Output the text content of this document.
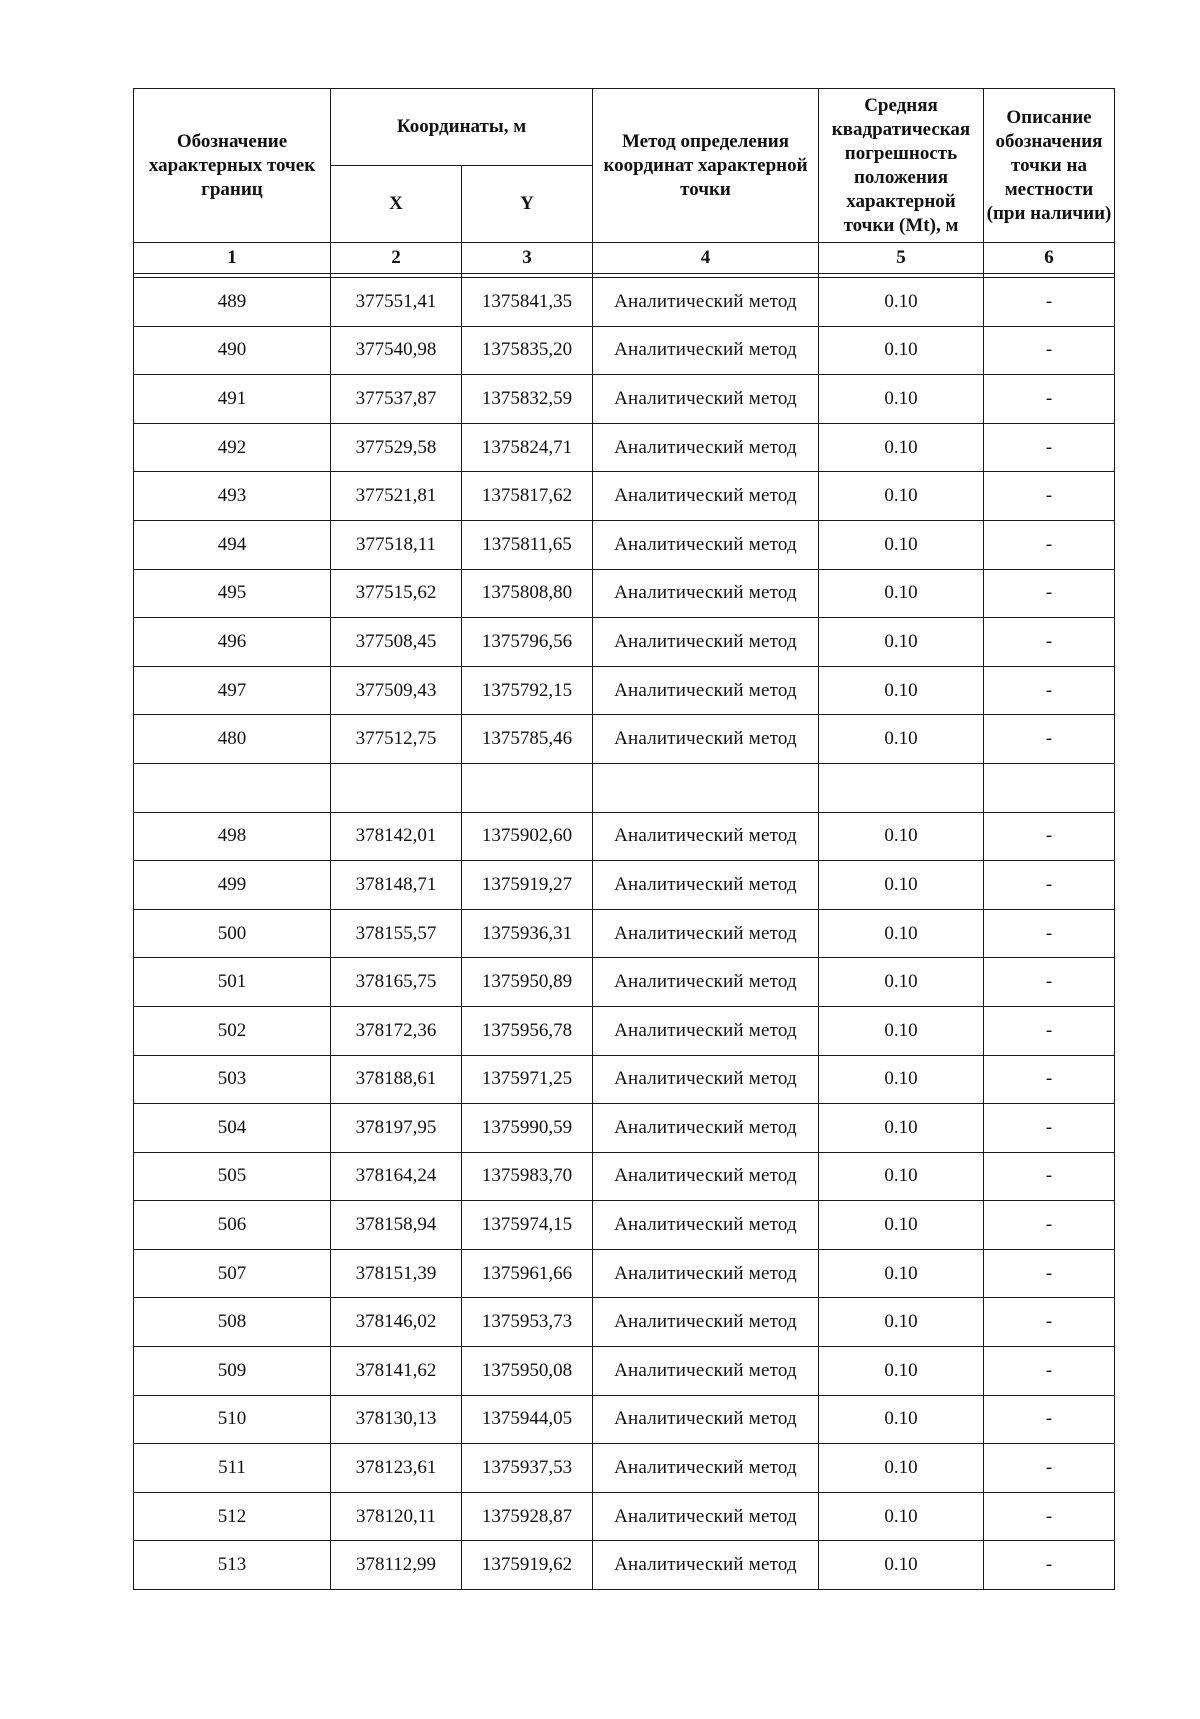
Обозначение характерных точек границ	Координаты, м		Метод определения координат характерной точки	Средняя квадратическая погрешность положения характерной точки (Mt), м	Описание обозначения точки на местности (при наличии)
	X	Y			
1	2	3	4	5	6

489	377551,41	1375841,35	Аналитический метод	0.10	-
490	377540,98	1375835,20	Аналитический метод	0.10	-
491	377537,87	1375832,59	Аналитический метод	0.10	-
492	377529,58	1375824,71	Аналитический метод	0.10	-
493	377521,81	1375817,62	Аналитический метод	0.10	-
494	377518,11	1375811,65	Аналитический метод	0.10	-
495	377515,62	1375808,80	Аналитический метод	0.10	-
496	377508,45	1375796,56	Аналитический метод	0.10	-
497	377509,43	1375792,15	Аналитический метод	0.10	-
480	377512,75	1375785,46	Аналитический метод	0.10	-

498	378142,01	1375902,60	Аналитический метод	0.10	-
499	378148,71	1375919,27	Аналитический метод	0.10	-
500	378155,57	1375936,31	Аналитический метод	0.10	-
501	378165,75	1375950,89	Аналитический метод	0.10	-
502	378172,36	1375956,78	Аналитический метод	0.10	-
503	378188,61	1375971,25	Аналитический метод	0.10	-
504	378197,95	1375990,59	Аналитический метод	0.10	-
505	378164,24	1375983,70	Аналитический метод	0.10	-
506	378158,94	1375974,15	Аналитический метод	0.10	-
507	378151,39	1375961,66	Аналитический метод	0.10	-
508	378146,02	1375953,73	Аналитический метод	0.10	-
509	378141,62	1375950,08	Аналитический метод	0.10	-
510	378130,13	1375944,05	Аналитический метод	0.10	-
511	378123,61	1375937,53	Аналитический метод	0.10	-
512	378120,11	1375928,87	Аналитический метод	0.10	-
513	378112,99	1375919,62	Аналитический метод	0.10	-
